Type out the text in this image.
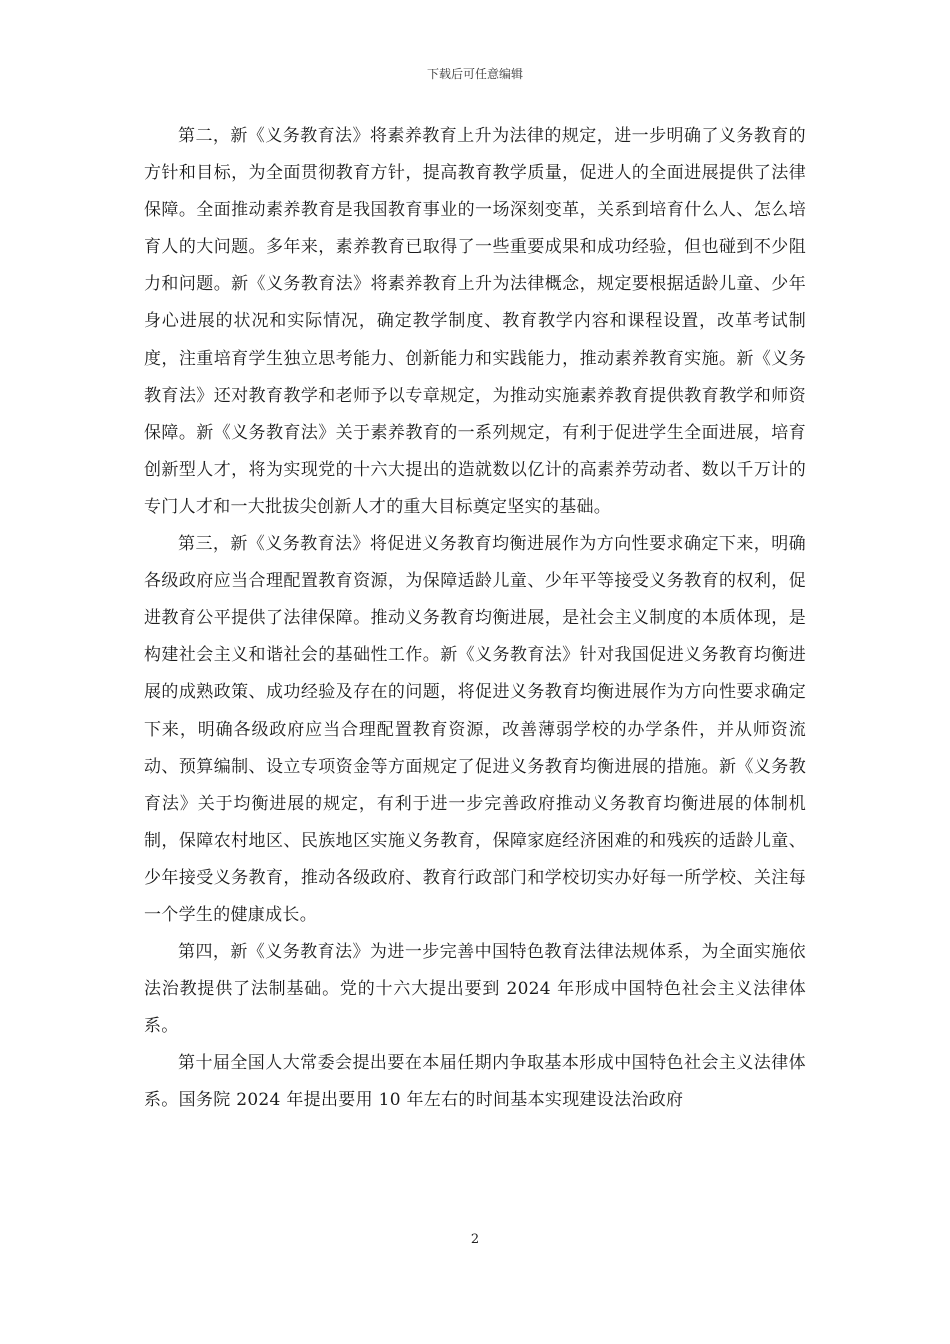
下载后可任意编辑

第二，新《义务教育法》将素养教育上升为法律的规定，进一步明确了义务教育的方针和目标，为全面贯彻教育方针，提高教育教学质量，促进人的全面进展提供了法律保障。全面推动素养教育是我国教育事业的一场深刻变革，关系到培育什么人、怎么培育人的大问题。多年来，素养教育已取得了一些重要成果和成功经验，但也碰到不少阻力和问题。新《义务教育法》将素养教育上升为法律概念，规定要根据适龄儿童、少年身心进展的状况和实际情况，确定教学制度、教育教学内容和课程设置，改革考试制度，注重培育学生独立思考能力、创新能力和实践能力，推动素养教育实施。新《义务教育法》还对教育教学和老师予以专章规定，为推动实施素养教育提供教育教学和师资保障。新《义务教育法》关于素养教育的一系列规定，有利于促进学生全面进展，培育创新型人才，将为实现党的十六大提出的造就数以亿计的高素养劳动者、数以千万计的专门人才和一大批拔尖创新人才的重大目标奠定坚实的基础。

第三，新《义务教育法》将促进义务教育均衡进展作为方向性要求确定下来，明确各级政府应当合理配置教育资源，为保障适龄儿童、少年平等接受义务教育的权利，促进教育公平提供了法律保障。推动义务教育均衡进展，是社会主义制度的本质体现，是构建社会主义和谐社会的基础性工作。新《义务教育法》针对我国促进义务教育均衡进展的成熟政策、成功经验及存在的问题，将促进义务教育均衡进展作为方向性要求确定下来，明确各级政府应当合理配置教育资源，改善薄弱学校的办学条件，并从师资流动、预算编制、设立专项资金等方面规定了促进义务教育均衡进展的措施。新《义务教育法》关于均衡进展的规定，有利于进一步完善政府推动义务教育均衡进展的体制机制，保障农村地区、民族地区实施义务教育，保障家庭经济困难的和残疾的适龄儿童、少年接受义务教育，推动各级政府、教育行政部门和学校切实办好每一所学校、关注每一个学生的健康成长。

第四，新《义务教育法》为进一步完善中国特色教育法律法规体系，为全面实施依法治教提供了法制基础。党的十六大提出要到 2024 年形成中国特色社会主义法律体系。

第十届全国人大常委会提出要在本届任期内争取基本形成中国特色社会主义法律体系。国务院 2024 年提出要用 10 年左右的时间基本实现建设法治政府

2
